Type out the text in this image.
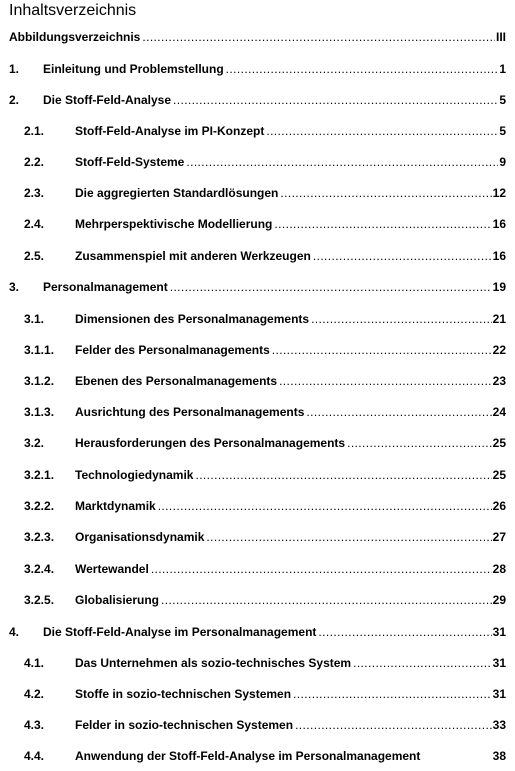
Inhaltsverzeichnis
Abbildungsverzeichnis .....	III
1.	Einleitung und Problemstellung .....	1
2.	Die Stoff-Feld-Analyse .....	5
2.1.	Stoff-Feld-Analyse im PI-Konzept .....	5
2.2.	Stoff-Feld-Systeme .....	9
2.3.	Die aggregierten Standardlösungen .....	12
2.4.	Mehrperspektivische Modellierung .....	16
2.5.	Zusammenspiel mit anderen Werkzeugen .....	16
3.	Personalmanagement .....	19
3.1.	Dimensionen des Personalmanagements .....	21
3.1.1.	Felder des Personalmanagements .....	22
3.1.2.	Ebenen des Personalmanagements .....	23
3.1.3.	Ausrichtung des Personalmanagements .....	24
3.2.	Herausforderungen des Personalmanagements .....	25
3.2.1.	Technologiedynamik .....	25
3.2.2.	Marktdynamik .....	26
3.2.3.	Organisationsdynamik .....	27
3.2.4.	Wertewandel .....	28
3.2.5.	Globalisierung .....	29
4.	Die Stoff-Feld-Analyse im Personalmanagement .....	31
4.1.	Das Unternehmen als sozio-technisches System .....	31
4.2.	Stoffe in sozio-technischen Systemen .....	31
4.3.	Felder in sozio-technischen Systemen .....	33
4.4.	Anwendung der Stoff-Feld-Analyse im Personalmanagement	38
